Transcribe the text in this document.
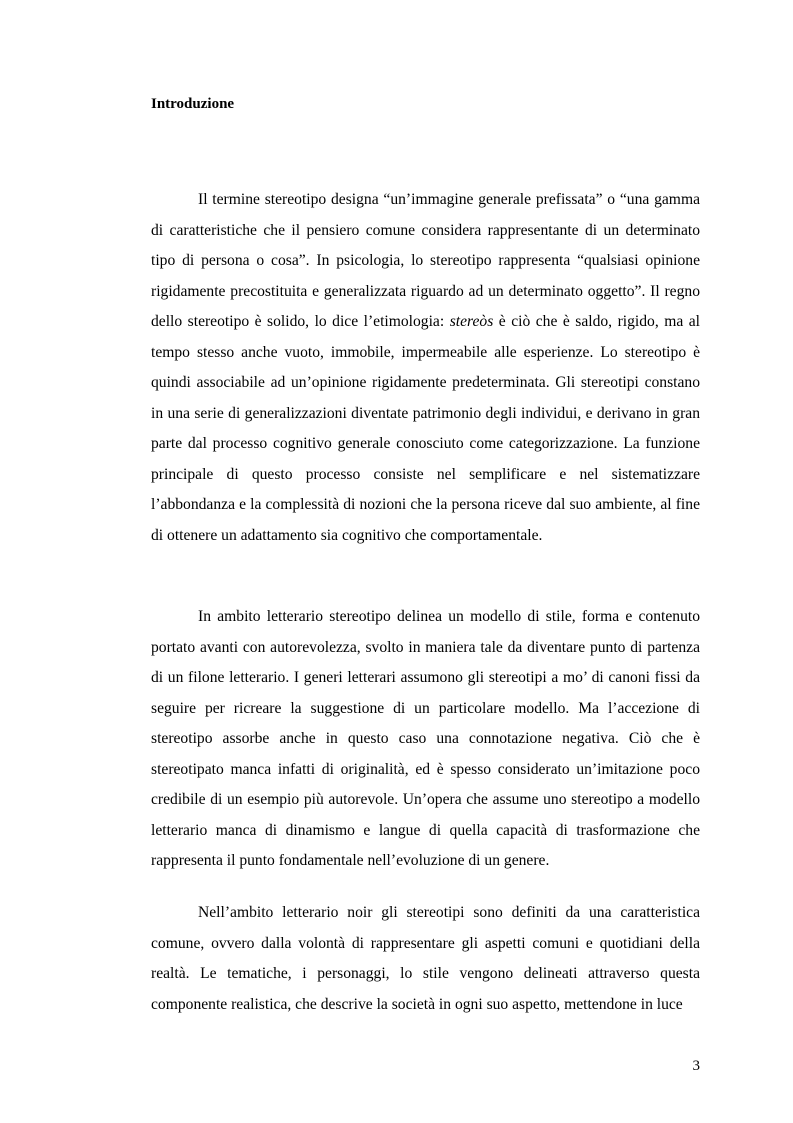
Introduzione

Il termine stereotipo designa “un’immagine generale prefissata” o “una gamma di caratteristiche che il pensiero comune considera rappresentante di un determinato tipo di persona o cosa”. In psicologia, lo stereotipo rappresenta “qualsiasi opinione rigidamente precostituita e generalizzata riguardo ad un determinato oggetto”. Il regno dello stereotipo è solido, lo dice l’etimologia: stereòs è ciò che è saldo, rigido, ma al tempo stesso anche vuoto, immobile, impermeabile alle esperienze. Lo stereotipo è quindi associabile ad un’opinione rigidamente predeterminata. Gli stereotipi constano in una serie di generalizzazioni diventate patrimonio degli individui, e derivano in gran parte dal processo cognitivo generale conosciuto come categorizzazione. La funzione principale di questo processo consiste nel semplificare e nel sistematizzare l’abbondanza e la complessità di nozioni che la persona riceve dal suo ambiente, al fine di ottenere un adattamento sia cognitivo che comportamentale.

In ambito letterario stereotipo delinea un modello di stile, forma e contenuto portato avanti con autorevolezza, svolto in maniera tale da diventare punto di partenza di un filone letterario. I generi letterari assumono gli stereotipi a mo’ di canoni fissi da seguire per ricreare la suggestione di un particolare modello. Ma l’accezione di stereotipo assorbe anche in questo caso una connotazione negativa. Ciò che è stereotipato manca infatti di originalità, ed è spesso considerato un’imitazione poco credibile di un esempio più autorevole. Un’opera che assume uno stereotipo a modello letterario manca di dinamismo e langue di quella capacità di trasformazione che rappresenta il punto fondamentale nell’evoluzione di un genere.

Nell’ambito letterario noir gli stereotipi sono definiti da una caratteristica comune, ovvero dalla volontà di rappresentare gli aspetti comuni e quotidiani della realtà. Le tematiche, i personaggi, lo stile vengono delineati attraverso questa componente realistica, che descrive la società in ogni suo aspetto, mettendone in luce

3
